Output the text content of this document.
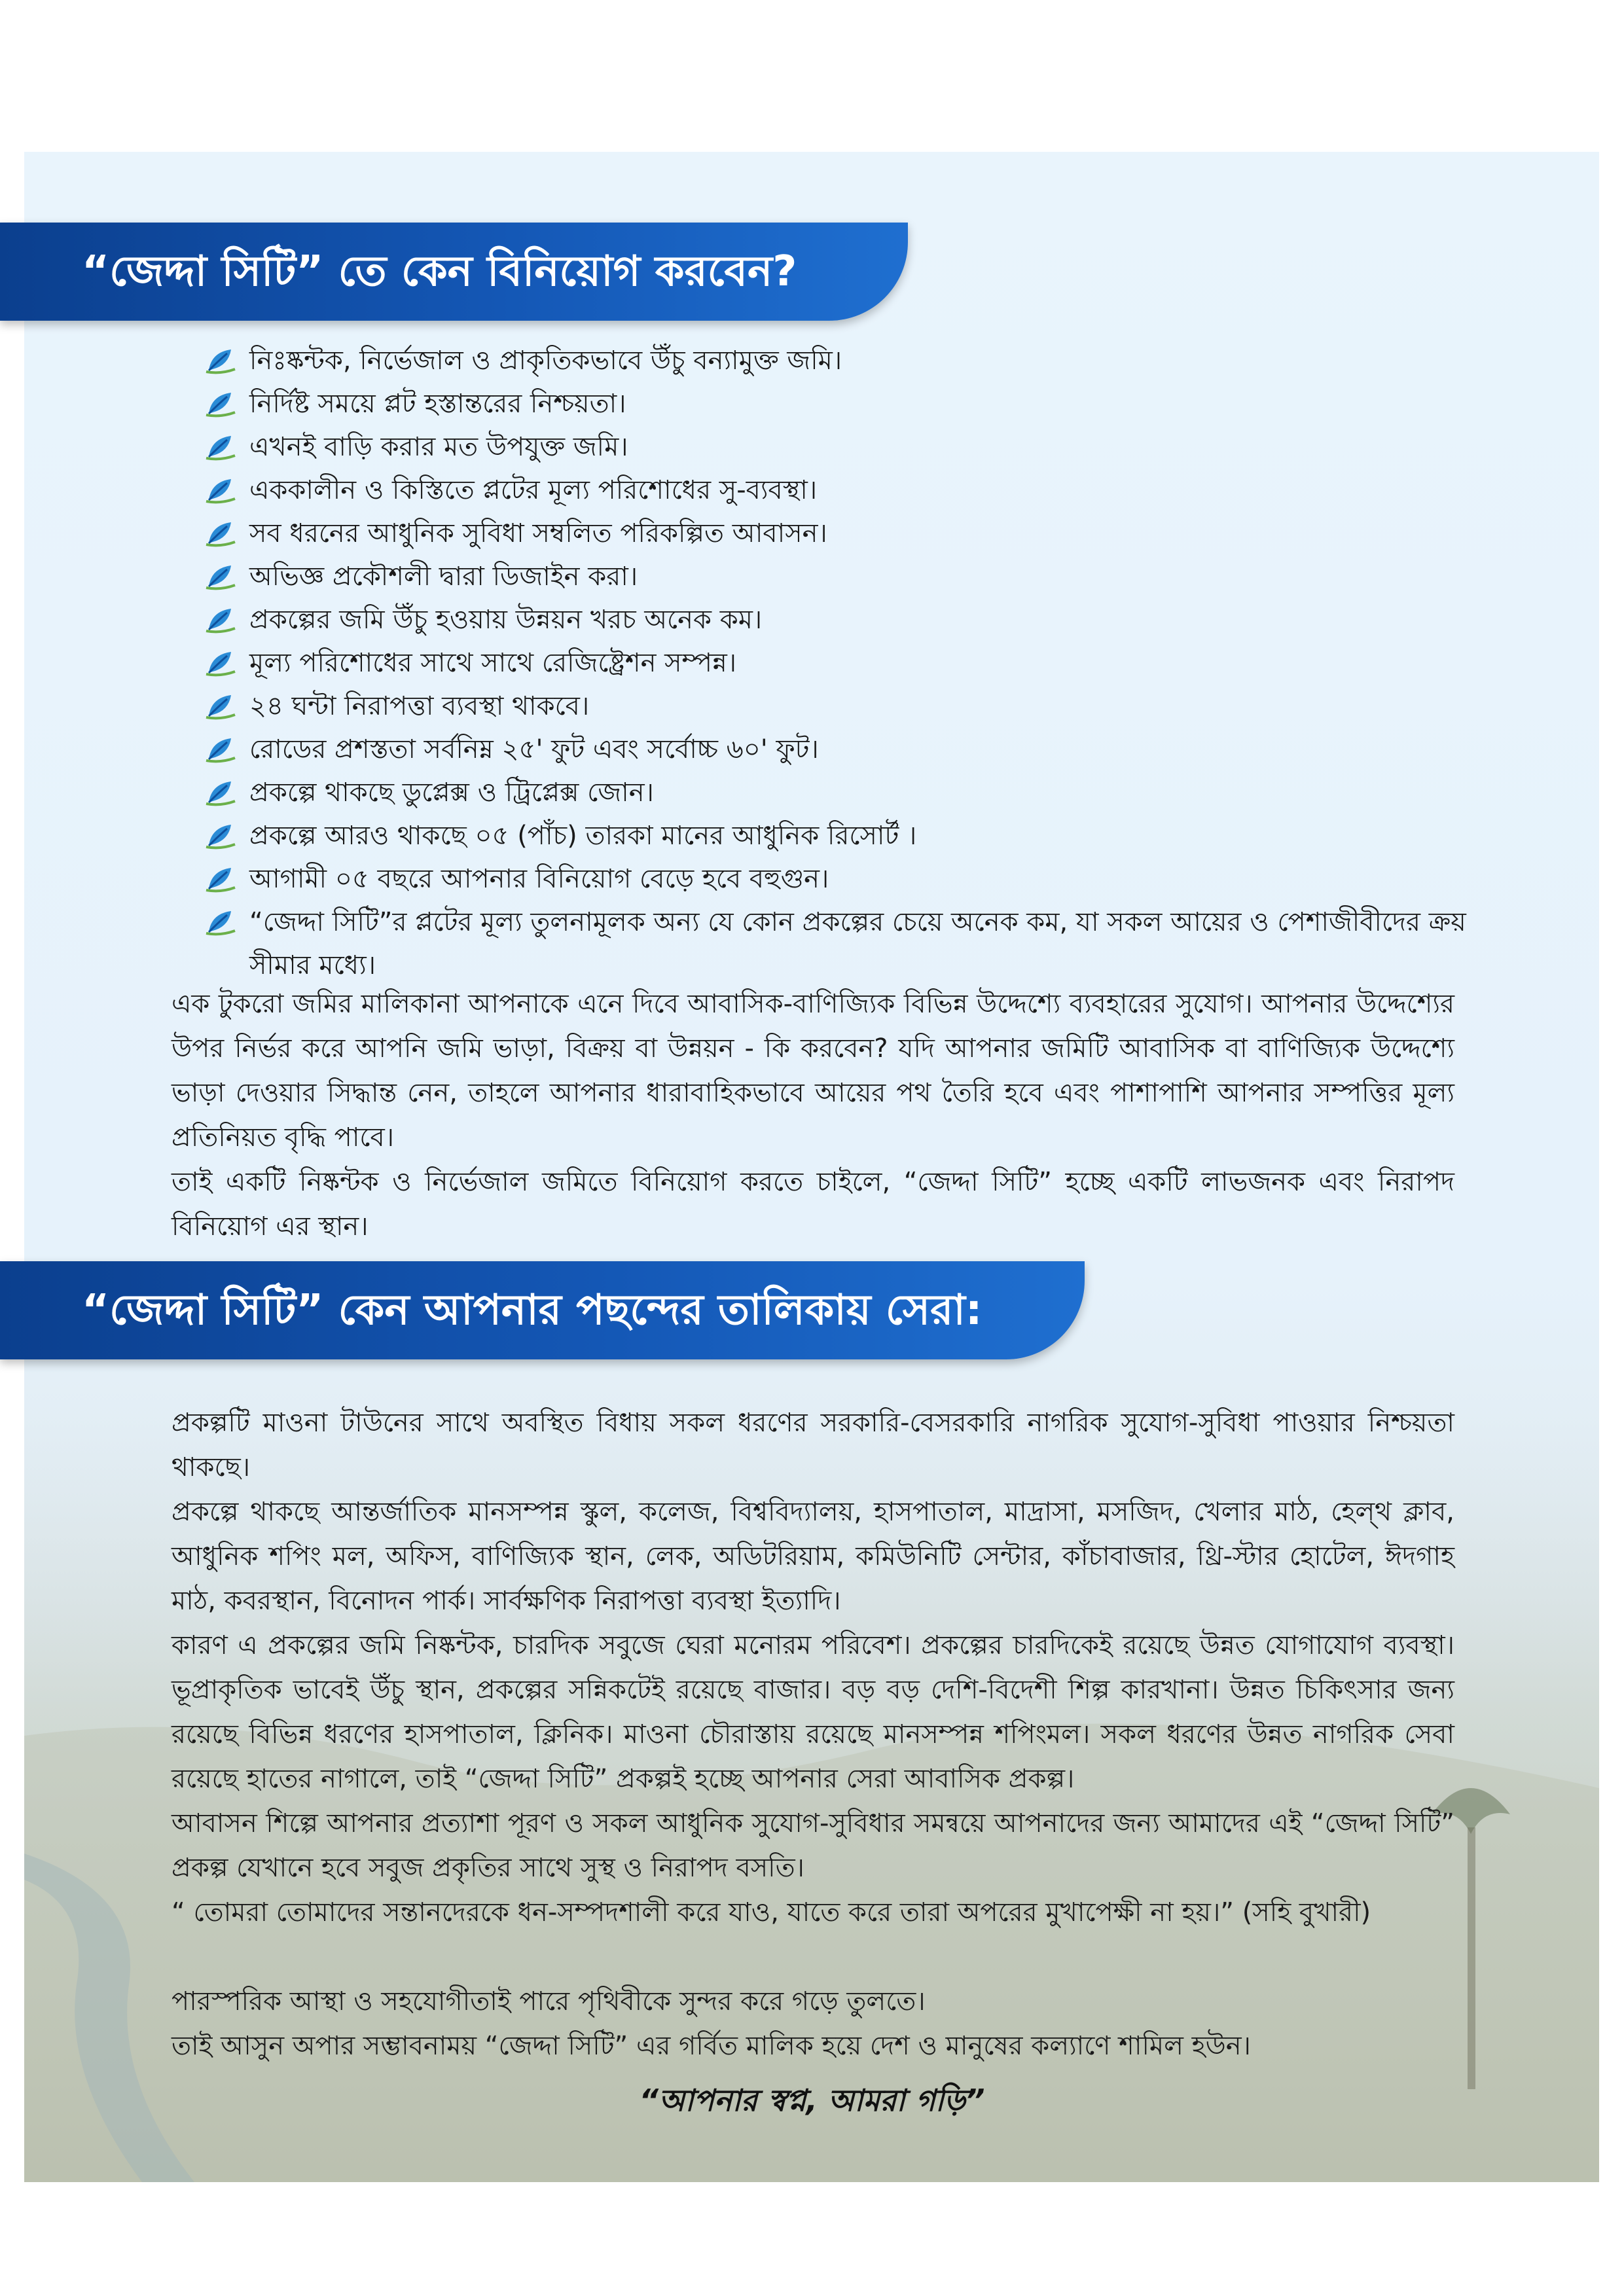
“জেদ্দা সিটি” তে কেন বিনিয়োগ করবেন?
নিঃষ্কন্টক, নির্ভেজাল ও প্রাকৃতিকভাবে উঁচু বন্যামুক্ত জমি।
নির্দিষ্ট সময়ে প্লট হস্তান্তরের নিশ্চয়তা।
এখনই বাড়ি করার মত উপযুক্ত জমি।
এককালীন ও কিস্তিতে প্লটের মূল্য পরিশোধের সু-ব্যবস্থা।
সব ধরনের আধুনিক সুবিধা সম্বলিত পরিকল্পিত আবাসন।
অভিজ্ঞ প্রকৌশলী দ্বারা ডিজাইন করা।
প্রকল্পের জমি উঁচু হওয়ায় উন্নয়ন খরচ অনেক কম।
মূল্য পরিশোধের সাথে সাথে রেজিষ্ট্রেশন সম্পন্ন।
২৪ ঘন্টা নিরাপত্তা ব্যবস্থা থাকবে।
রোডের প্রশস্ততা সর্বনিম্ন ২৫' ফুট এবং সর্বোচ্চ ৬০' ফুট।
প্রকল্পে থাকছে ডুপ্লেক্স ও ট্রিপ্লেক্স জোন।
প্রকল্পে আরও থাকছে ০৫ (পাঁচ) তারকা মানের আধুনিক রিসোর্ট ।
আগামী ০৫ বছরে আপনার বিনিয়োগ বেড়ে হবে বহুগুন।
“জেদ্দা সিটি”র প্লটের মূল্য তুলনামূলক অন্য যে কোন প্রকল্পের চেয়ে অনেক কম, যা সকল আয়ের ও পেশাজীবীদের ক্রয় সীমার মধ্যে।

এক টুকরো জমির মালিকানা আপনাকে এনে দিবে আবাসিক-বাণিজ্যিক বিভিন্ন উদ্দেশ্যে ব্যবহারের সুযোগ। আপনার উদ্দেশ্যের উপর নির্ভর করে আপনি জমি ভাড়া, বিক্রয় বা উন্নয়ন - কি করবেন? যদি আপনার জমিটি আবাসিক বা বাণিজ্যিক উদ্দেশ্যে ভাড়া দেওয়ার সিদ্ধান্ত নেন, তাহলে আপনার ধারাবাহিকভাবে আয়ের পথ তৈরি হবে এবং পাশাপাশি আপনার সম্পত্তির মূল্য প্রতিনিয়ত বৃদ্ধি পাবে।

তাই একটি নিষ্কন্টক ও নির্ভেজাল জমিতে বিনিয়োগ করতে চাইলে, “জেদ্দা সিটি” হচ্ছে একটি লাভজনক এবং নিরাপদ বিনিয়োগ এর স্থান।

“জেদ্দা সিটি” কেন আপনার পছন্দের তালিকায় সেরা:

প্রকল্পটি মাওনা টাউনের সাথে অবস্থিত বিধায় সকল ধরণের সরকারি-বেসরকারি নাগরিক সুযোগ-সুবিধা পাওয়ার নিশ্চয়তা থাকছে।

প্রকল্পে থাকছে আন্তর্জাতিক মানসম্পন্ন স্কুল, কলেজ, বিশ্ববিদ্যালয়, হাসপাতাল, মাদ্রাসা, মসজিদ, খেলার মাঠ, হেল্থ ক্লাব, আধুনিক শপিং মল, অফিস, বাণিজ্যিক স্থান, লেক, অডিটরিয়াম, কমিউনিটি সেন্টার, কাঁচাবাজার, থ্রি-স্টার হোটেল, ঈদগাহ মাঠ, কবরস্থান, বিনোদন পার্ক। সার্বক্ষণিক নিরাপত্তা ব্যবস্থা ইত্যাদি।

কারণ এ প্রকল্পের জমি নিষ্কন্টক, চারদিক সবুজে ঘেরা মনোরম পরিবেশ। প্রকল্পের চারদিকেই রয়েছে উন্নত যোগাযোগ ব্যবস্থা। ভূপ্রাকৃতিক ভাবেই উঁচু স্থান, প্রকল্পের সন্নিকটেই রয়েছে বাজার। বড় বড় দেশি-বিদেশী শিল্প কারখানা। উন্নত চিকিৎসার জন্য রয়েছে বিভিন্ন ধরণের হাসপাতাল, ক্লিনিক। মাওনা চৌরাস্তায় রয়েছে মানসম্পন্ন শপিংমল। সকল ধরণের উন্নত নাগরিক সেবা রয়েছে হাতের নাগালে, তাই “জেদ্দা সিটি” প্রকল্পই হচ্ছে আপনার সেরা আবাসিক প্রকল্প।

আবাসন শিল্পে আপনার প্রত্যাশা পূরণ ও সকল আধুনিক সুযোগ-সুবিধার সমন্বয়ে আপনাদের জন্য আমাদের এই “জেদ্দা সিটি” প্রকল্প যেখানে হবে সবুজ প্রকৃতির সাথে সুস্থ ও নিরাপদ বসতি।

“ তোমরা তোমাদের সন্তানদেরকে ধন-সম্পদশালী করে যাও, যাতে করে তারা অপরের মুখাপেক্ষী না হয়।” (সহি বুখারী)

পারস্পরিক আস্থা ও সহযোগীতাই পারে পৃথিবীকে সুন্দর করে গড়ে তুলতে।

তাই আসুন অপার সম্ভাবনাময় “জেদ্দা সিটি” এর গর্বিত মালিক হয়ে দেশ ও মানুষের কল্যাণে শামিল হউন।

“আপনার স্বপ্ন, আমরা গড়ি”
